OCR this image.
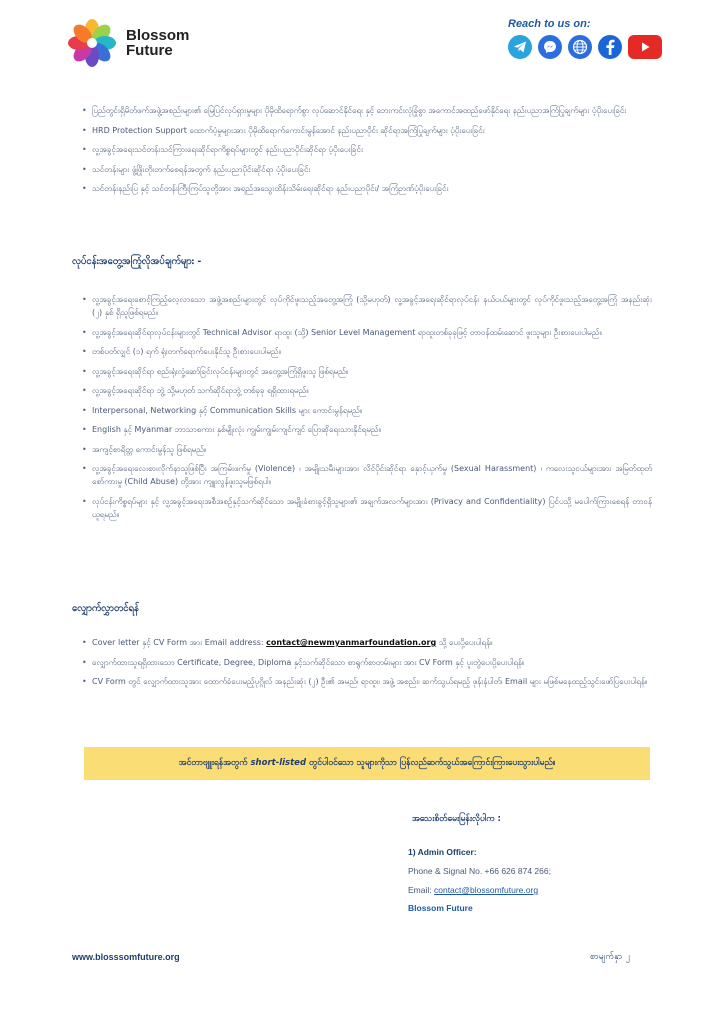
Blossom
Future
Reach to us on:
• ပြည်တွင်းရှိမိတ်ဖက်အဖွဲ့အစည်းများ၏ မြေပြင်လုပ်ရှားမှုများ ပိုမိုထိရောက်စွာ လုပ်ဆောင်နိုင်ရေး နှင့် ဘေးကင်းလုံခြုံစွာ အကောင်အထည်ဖော်နိုင်ရေး နည်းပညာအကြံပြုချက်များ ပံ့ပိုးပေးခြင်း
• HRD Protection Support ထောက်ပံ့မှုများအား ပိုမိုထိရောက်ကောင်းမွန်အောင် နည်းပညာပိုင်း ဆိုင်ရာအကြံပြုချက်များ ပံ့ပိုးပေးခြင်း
• လူ့အခွင့်အရေးသင်တန်းသင်ကြားရေးဆိုင်ရာကိစ္စရပ်များတွင် နည်းပညာပိုင်းဆိုင်ရာ ပံ့ပိုးပေးခြင်း
• သင်တန်းများ ဖွံ့ဖြိုးတိုးတက်စေရန်အတွက် နည်းပညာပိုင်းဆိုင်ရာ ပံ့ပိုးပေးခြင်း
• သင်တန်းနည်းပြ နှင့် သင်တန်းကြီးကြပ်သူတို့အား အရည်အသွေးထိန်းသိမ်းရေးဆိုင်ရာ နည်းပညာပိုင်း/ အကြံဉာဏ်ပံ့ပိုးပေးခြင်း
လုပ်ငန်းအတွေ့အကြုံလိုအပ်ချက်များ -
• လူ့အခွင့်အရေးစောင့်ကြည့်လေ့လာသော အဖွဲ့အစည်းများတွင် လုပ်ကိုင်ဖူးသည့်အတွေ့အကြုံ (သို့မဟုတ်) လူ့အခွင့်အရေးဆိုင်ရာလုပ်ငန်း နယ်ပယ်များတွင် လုပ်ကိုင်ဖူးသည့်အတွေ့အကြုံ အနည်းဆုံး (၂) နှစ် ရှိသူဖြစ်ရမည်။
• လူ့အခွင့်အရေးဆိုင်ရာလုပ်ငန်းများတွင် Technical Advisor ရာထူး (သို့) Senior Level Management ရာထူးတစ်ခုခုဖြင့် တာဝန်ထမ်းဆောင် ဖူးသူများ ဦးစားပေးပါမည်။
• တစ်ပတ်လျှင် (၁) ရက် ရုံးတက်ရောက်ပေးနိုင်သူ ဦးစားပေးပါမည်။
• လူ့အခွင့်အရေးဆိုင်ရာ စည်းရုံးလှုံ့ဆော်ခြင်းလုပ်ငန်းများတွင် အတွေ့အကြုံရှိဖူးသူ ဖြစ်ရမည်။
• လူ့အခွင့်အရေးဆိုင်ရာ ဘွဲ့ သို့မဟုတ် သက်ဆိုင်ရာဘွဲ့ တစ်ခုခု ရရှိထားရမည်။
• Interpersonal, Networking နှင့် Communication Skills များ ကောင်းမွန်ရမည်။
• English နှင့် Myanmar ဘာသာစကား နှစ်မျိုးလုံး ကျွမ်းကျွမ်းကျင်ကျင် ပြောဆိုရေးသားနိုင်ရမည်။
• အကျင့်စာရိတ္တ ကောင်းမွန်သူ ဖြစ်ရမည်။
• လူ့အခွင့်အရေးလေးစားလိုက်နာသူဖြစ်ပြီး အကြမ်းဖက်မှု (Violence) ၊ အမျိုးသမီးများအား လိင်ပိုင်းဆိုင်ရာ နှောင့်ယှက်မှု (Sexual Harassment) ၊ ကလေးသူငယ်များအား အမြတ်ထုတ်စော်ကားမှု (Child Abuse) တို့အား ကျူးလွန်ဖူးသူမဖြစ်ရပါ။
• လုပ်ငန်းကိစ္စရပ်များ နှင့် လူ့အခွင့်အရေးအစီအစဉ်နှင့်သက်ဆိုင်သော အမျိုးခံစားခွင့်ရှိသူများ၏ အချက်အလက်များအား (Privacy and Confidentiality) ပြင်ပသို့ မပေါက်ကြားစေရန် တာဝန်ယူရမည်။
လျှောက်လွှာတင်ရန်
• Cover letter နှင့် CV Form အား Email address: contact@newmyanmarfoundation.org သို့ ပေးပို့ပေးပါရန်။
• လျှောက်ထားသူရရှိထားသော Certificate, Degree, Diploma နှင့်သက်ဆိုင်သော စာရွက်စာတမ်းများ အား CV Form နှင့် ပူးတွဲပေးပို့ပေးပါရန်။
• CV Form တွင် လျှောက်ထားသူအား ထောက်ခံပေးမည့်ပုဂ္ဂိုလ် အနည်းဆုံး (၂) ဦး၏ အမည်၊ ရာထူး၊ အဖွဲ့ အစည်း၊ ဆက်သွယ်ရမည့် ဖုန်းနံပါတ်၊ Email များ မဖြစ်မနေထည့်သွင်းဖော်ပြပေးပါရန်။
အင်တာဗျူးရန်အတွက် short-listed တွင်ပါဝင်သော သူများကိုသာ ပြန်လည်ဆက်သွယ်အကြောင်းကြားပေးသွားပါမည်။
အသေးစိတ်မေးမြန်းလိုပါက :
1) Admin Officer:
Phone & Signal No. +66 626 874 266;
Email: contact@blossomfuture.org
Blossom Future
www.blosssomfuture.org	စာမျက်နှာ ၂
